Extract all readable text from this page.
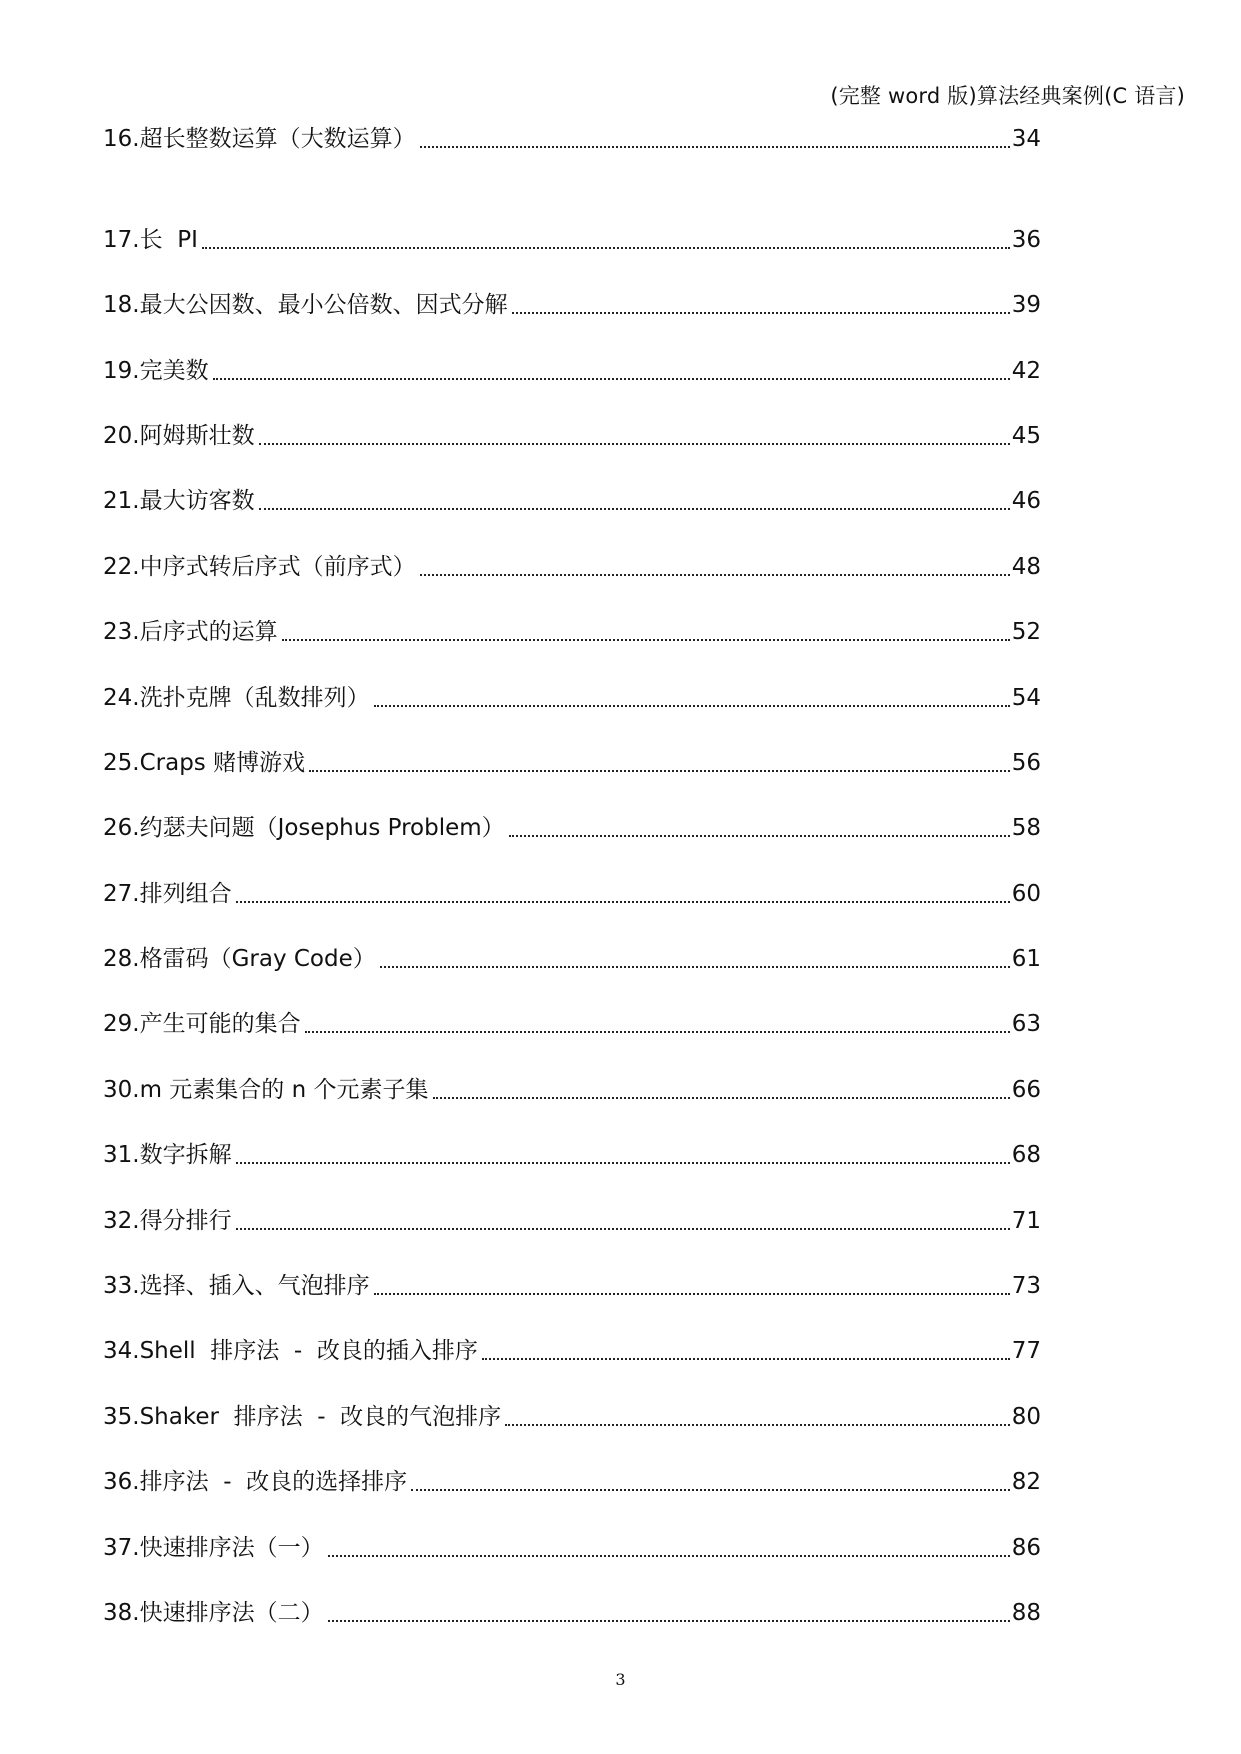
(完整 word 版)算法经典案例(C 语言)
16.超长整数运算（大数运算）	34
17.长  PI	36
18.最大公因数、最小公倍数、因式分解	39
19.完美数	42
20.阿姆斯壮数	45
21.最大访客数	46
22.中序式转后序式（前序式）	48
23.后序式的运算	52
24.洗扑克牌（乱数排列）	54
25.Craps 赌博游戏	56
26.约瑟夫问题（Josephus Problem）	58
27.排列组合	60
28.格雷码（Gray Code）	61
29.产生可能的集合	63
30.m 元素集合的 n 个元素子集	66
31.数字拆解	68
32.得分排行	71
33.选择、插入、气泡排序	73
34.Shell  排序法  -  改良的插入排序	77
35.Shaker  排序法  -  改良的气泡排序	80
36.排序法  -  改良的选择排序	82
37.快速排序法（一）	86
38.快速排序法（二）	88
3
